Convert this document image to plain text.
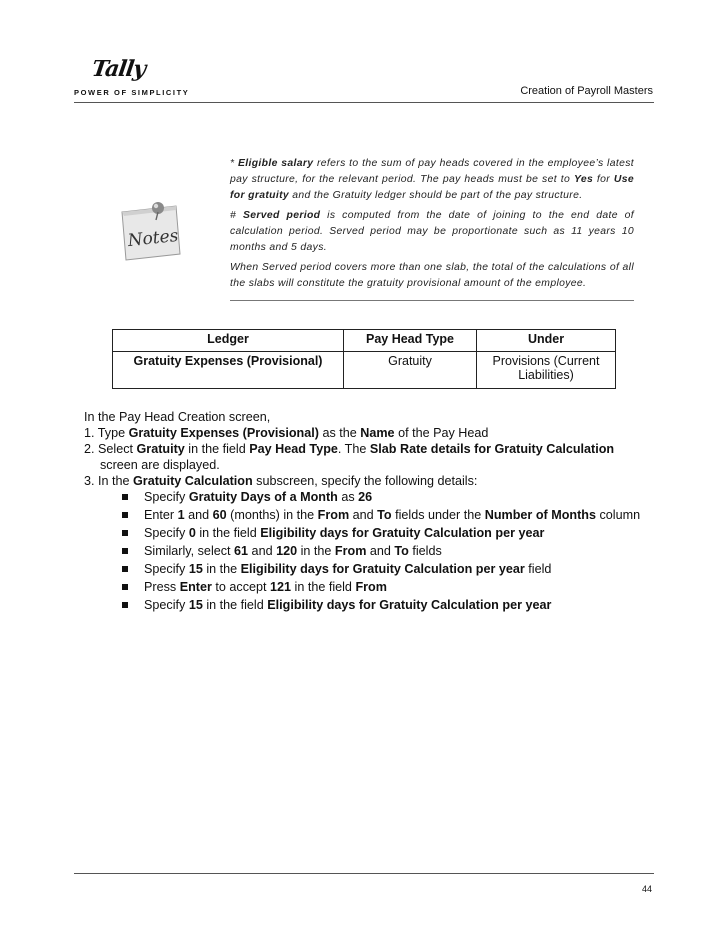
Tally
POWER OF SIMPLICITY	Creation of Payroll Masters
Notes

* Eligible salary refers to the sum of pay heads covered in the employee’s latest pay structure, for the relevant period. The pay heads must be set to Yes for Use for gratuity and the Gratuity ledger should be part of the pay structure.

# Served period is computed from the date of joining to the end date of calculation period. Served period may be proportionate such as 11 years 10 months and 5 days.

When Served period covers more than one slab, the total of the calculations of all the slabs will constitute the gratuity provisional amount of the employee.

Ledger	Pay Head Type	Under
Gratuity Expenses (Provisional)	Gratuity	Provisions (Current Liabilities)

In the Pay Head Creation screen,

1. Type Gratuity Expenses (Provisional) as the Name of the Pay Head

2. Select Gratuity in the field Pay Head Type. The Slab Rate details for Gratuity Calculation screen are displayed.

3. In the Gratuity Calculation subscreen, specify the following details:

Specify Gratuity Days of a Month as 26
Enter 1 and 60 (months) in the From and To fields under the Number of Months column
Specify 0 in the field Eligibility days for Gratuity Calculation per year
Similarly, select 61 and 120 in the From and To fields
Specify 15 in the Eligibility days for Gratuity Calculation per year field
Press Enter to accept 121 in the field From
Specify 15 in the field Eligibility days for Gratuity Calculation per year
44
